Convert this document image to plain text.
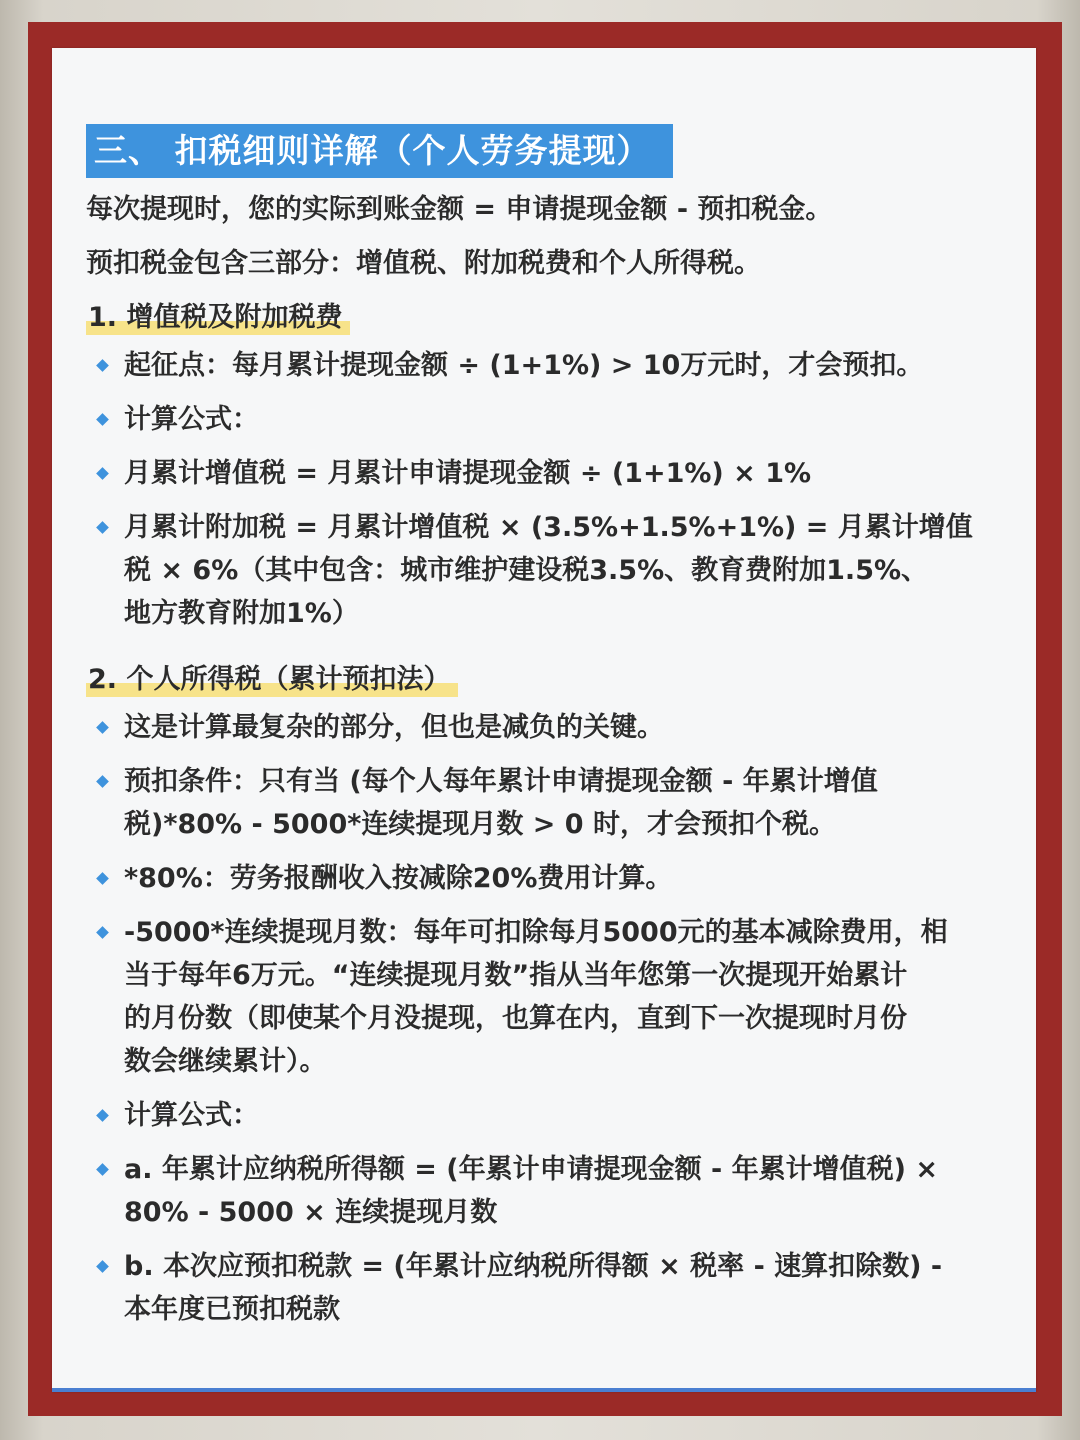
三、 扣税细则详解（个人劳务提现）
每次提现时，您的实际到账金额 = 申请提现金额 - 预扣税金。
预扣税金包含三部分：增值税、附加税费和个人所得税。
1. 增值税及附加税费
起征点：每月累计提现金额 ÷ (1+1%) > 10万元时，才会预扣。
计算公式：
月累计增值税 = 月累计申请提现金额 ÷ (1+1%) × 1%
月累计附加税 = 月累计增值税 × (3.5%+1.5%+1%) = 月累计增值
税 × 6%（其中包含：城市维护建设税3.5%、教育费附加1.5%、
地方教育附加1%）
2. 个人所得税（累计预扣法）
这是计算最复杂的部分，但也是减负的关键。
预扣条件：只有当 (每个人每年累计申请提现金额 - 年累计增值
税)*80% - 5000*连续提现月数 > 0 时，才会预扣个税。
*80%：劳务报酬收入按减除20%费用计算。
-5000*连续提现月数：每年可扣除每月5000元的基本减除费用，相
当于每年6万元。“连续提现月数”指从当年您第一次提现开始累计
的月份数（即使某个月没提现，也算在内，直到下一次提现时月份
数会继续累计）。
计算公式：
a. 年累计应纳税所得额 = (年累计申请提现金额 - 年累计增值税) ×
80% - 5000 × 连续提现月数
b. 本次应预扣税款 = (年累计应纳税所得额 × 税率 - 速算扣除数) -
本年度已预扣税款
